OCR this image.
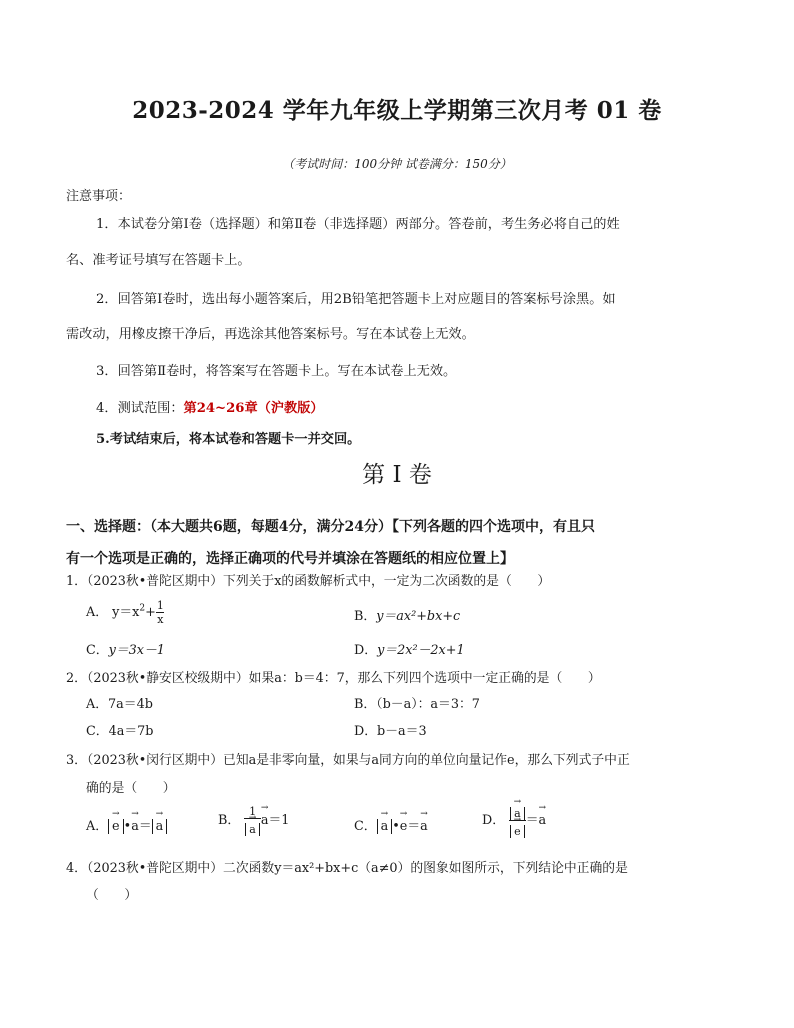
2023-2024 学年九年级上学期第三次月考 01 卷
（考试时间：100分钟 试卷满分：150分）
注意事项：
1．本试卷分第Ⅰ卷（选择题）和第Ⅱ卷（非选择题）两部分。答卷前，考生务必将自己的姓
名、准考证号填写在答题卡上。
2．回答第Ⅰ卷时，选出每小题答案后，用2B铅笔把答题卡上对应题目的答案标号涂黑。如
需改动，用橡皮擦干净后，再选涂其他答案标号。写在本试卷上无效。
3．回答第Ⅱ卷时，将答案写在答题卡上。写在本试卷上无效。
4．测试范围：第24~26章（沪教版）
5.考试结束后，将本试卷和答题卡一并交回。
第 I 卷
一、选择题：（本大题共6题，每题4分，满分24分）【下列各题的四个选项中，有且只
有一个选项是正确的，选择正确项的代号并填涂在答题纸的相应位置上】
1．（2023秋•普陀区期中）下列关于x的函数解析式中，一定为二次函数的是（　　）
A． $y=x^2+ \frac{1}{x}$	B．y＝ax²+bx+c
C．y＝3x－1	D．y＝2x²－2x+1
2．（2023秋•静安区校级期中）如果a：b＝4：7，那么下列四个选项中一定正确的是（　　）
A．7a＝4b	B．（b－a）：a＝3：7
C．4a＝7b	D．b－a＝3
3．（2023秋•闵行区期中）已知a是非零向量，如果与a同方向的单位向量记作e，那么下列式子中正
确的是（　　）
A． → e •→ a＝ → a	B． 1
→ a → a＝1	C． → a •→ e＝→ a	D． → a
→ e ＝→ a
4．（2023秋•普陀区期中）二次函数y＝ax²+bx+c（a≠0）的图象如图所示，下列结论中正确的是
（　　）
